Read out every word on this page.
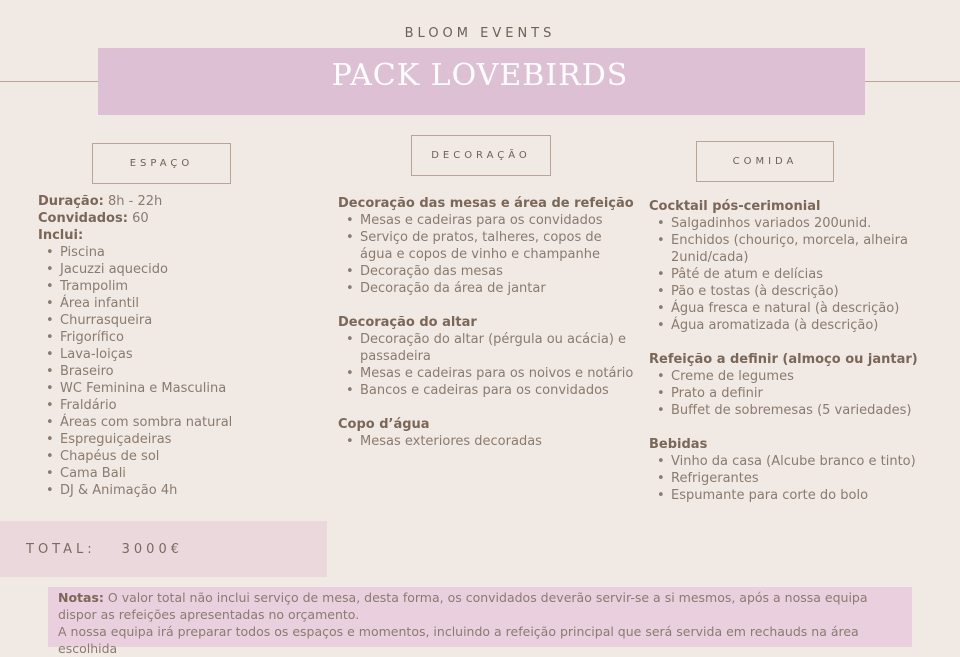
BLOOM EVENTS
PACK LOVEBIRDS
ESPAÇO
DECORAÇÃO
COMIDA
Duração: 8h - 22h
Convidados: 60
Inclui:
• Piscina
• Jacuzzi aquecido
• Trampolim
• Área infantil
• Churrasqueira
• Frigorífico
• Lava-loiças
• Braseiro
• WC Feminina e Masculina
• Fraldário
• Áreas com sombra natural
• Espreguiçadeiras
• Chapéus de sol
• Cama Bali
• DJ & Animação 4h
Decoração das mesas e área de refeição
• Mesas e cadeiras para os convidados
• Serviço de pratos, talheres, copos de água e copos de vinho e champanhe
• Decoração das mesas
• Decoração da área de jantar
Decoração do altar
• Decoração do altar (pérgula ou acácia) e passadeira
• Mesas e cadeiras para os noivos e notário
• Bancos e cadeiras para os convidados
Copo d’água
• Mesas exteriores decoradas
Cocktail pós-cerimonial
• Salgadinhos variados 200unid.
• Enchidos (chouriço, morcela, alheira 2unid/cada)
• Pâté de atum e delícias
• Pão e tostas (à descrição)
• Água fresca e natural (à descrição)
• Água aromatizada (à descrição)
Refeição a definir (almoço ou jantar)
• Creme de legumes
• Prato a definir
• Buffet de sobremesas (5 variedades)
Bebidas
• Vinho da casa (Alcube branco e tinto)
• Refrigerantes
• Espumante para corte do bolo
TOTAL: 3000€
Notas: O valor total não inclui serviço de mesa, desta forma, os convidados deverão servir-se a si mesmos, após a nossa equipa dispor as refeições apresentadas no orçamento.
A nossa equipa irá preparar todos os espaços e momentos, incluindo a refeição principal que será servida em rechauds na área escolhida
